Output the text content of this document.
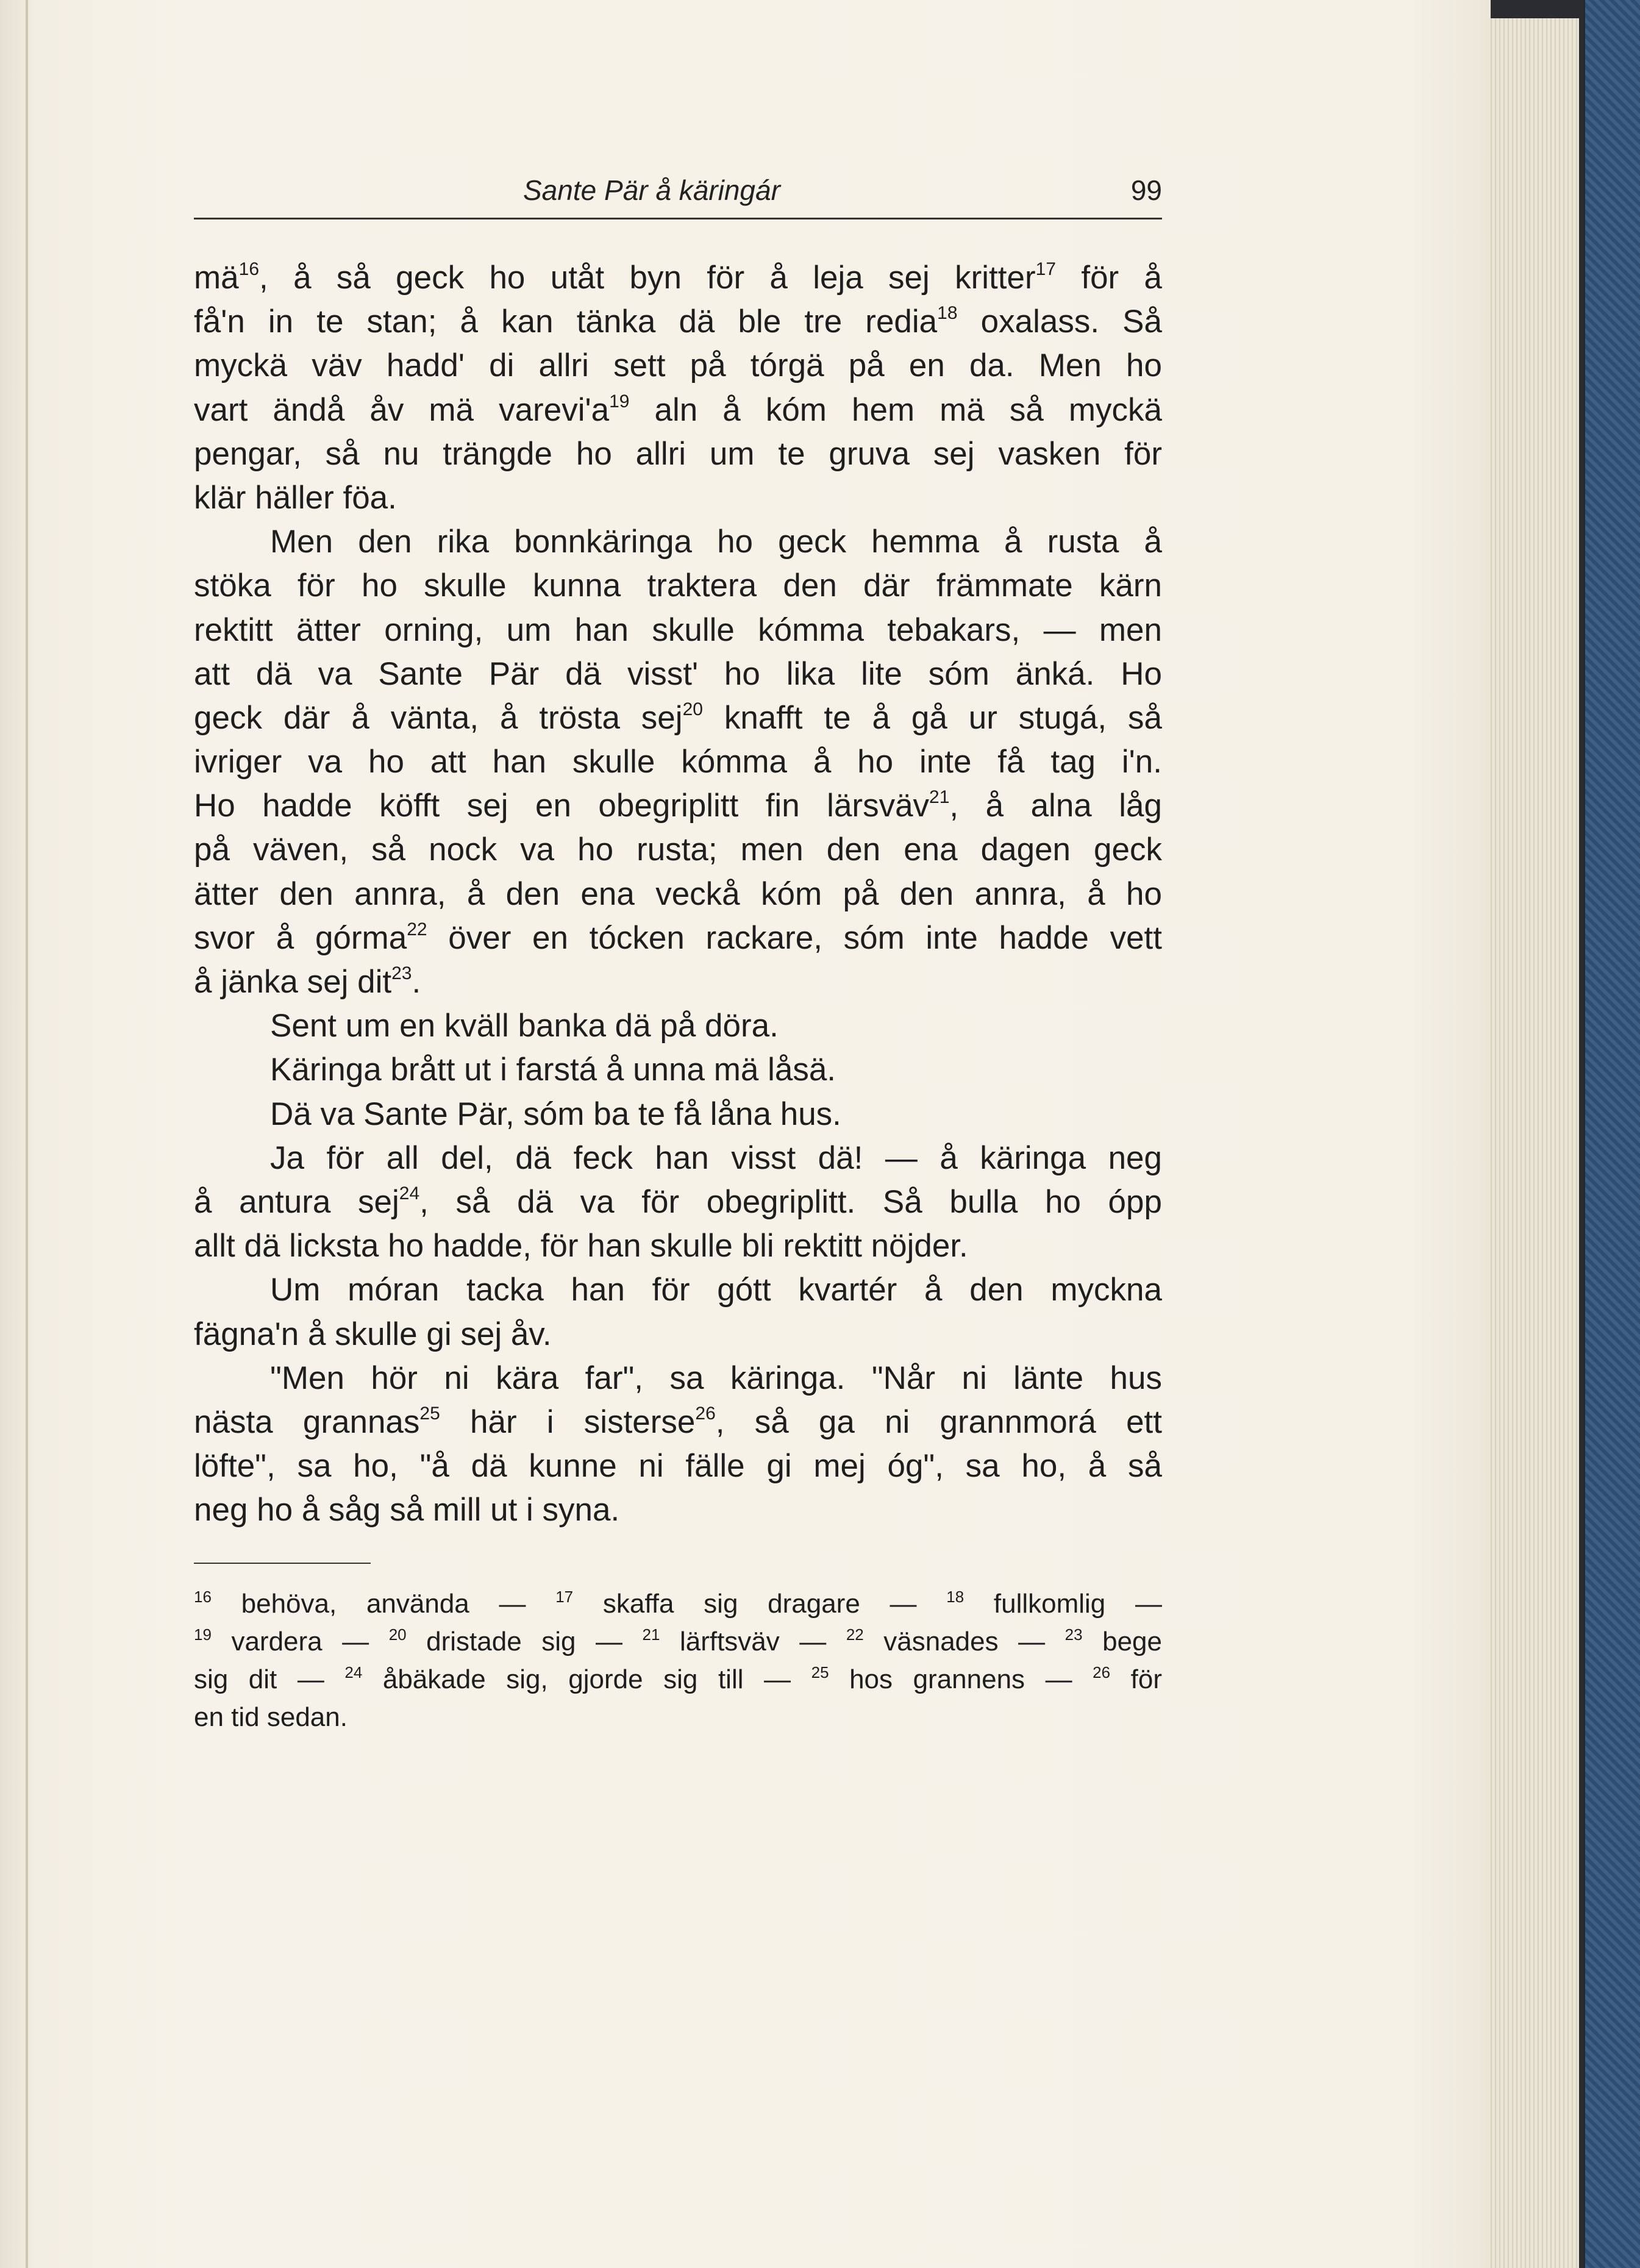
Sante Pär å käringár	99
$mä^{16}$, å så geck ho utåt byn för å leja sej kritter$^{17}$ för å
få'n in te stan; å kan tänka dä ble tre redia$^{18}$ oxalass. Så
myckä väv hadd' di allri sett på tórgä på en da. Men ho
vart ändå åv mä $varevi'a^{19}$ aln å kóm hem mä så myckä
pengar, så nu trängde ho allri um te gruva sej vasken för
klär häller föa.
Men den rika bonnkäringa ho geck hemma å rusta å
stöka för ho skulle kunna traktera den där främmate kärn
rektitt ätter orning, um han skulle kómma tebakars, — men
att dä va Sante Pär dä visst' ho lika lite sóm änká. Ho
geck där å vänta, å trösta sej$^{20}$ knafft te å gå ur stugá, så
ivriger va ho att han skulle kómma å ho inte få tag i'n.
Ho hadde köfft sej en obegriplitt fin lärsväv$^{21}$, å alna låg
på väven, så nock va ho rusta; men den ena dagen geck
ätter den annra, å den ena veckå kóm på den annra, å ho
svor å górma$^{22}$ över en tócken rackare, sóm inte hadde vett
å jänka sej dit$^{23}$.
Sent um en kväll banka dä på döra.
Käringa brått ut i farstá å unna mä låsä.
Dä va Sante Pär, sóm ba te få låna hus.
Ja för all del, dä feck han visst dä! — å käringa neg
å antura sej$^{24}$, så dä va för obegriplitt. Så bulla ho ópp
allt dä licksta ho hadde, för han skulle bli rektitt nöjder.
Um móran tacka han för gótt kvartér å den myckna
fägna'n å skulle gi sej åv.
"Men hör ni kära far", sa käringa. "Når ni länte hus
nästa grannas$^{25}$ här i sisterse$^{26}$, så ga ni grannmorá ett
löfte", sa ho, "å dä kunne ni fälle gi mej óg", sa ho, å så
neg ho å såg så mill ut i syna.
$^{16}$ behöva, använda — $^{17}$ skaffa sig dragare — $^{18}$ fullkomlig —
$^{19}$ vardera — $^{20}$ dristade sig — $^{21}$ lärftsväv — $^{22}$ väsnades — $^{23}$ bege
sig dit — $^{24}$ åbäkade sig, gjorde sig till — $^{25}$ hos grannens — $^{26}$ för
en tid sedan.
